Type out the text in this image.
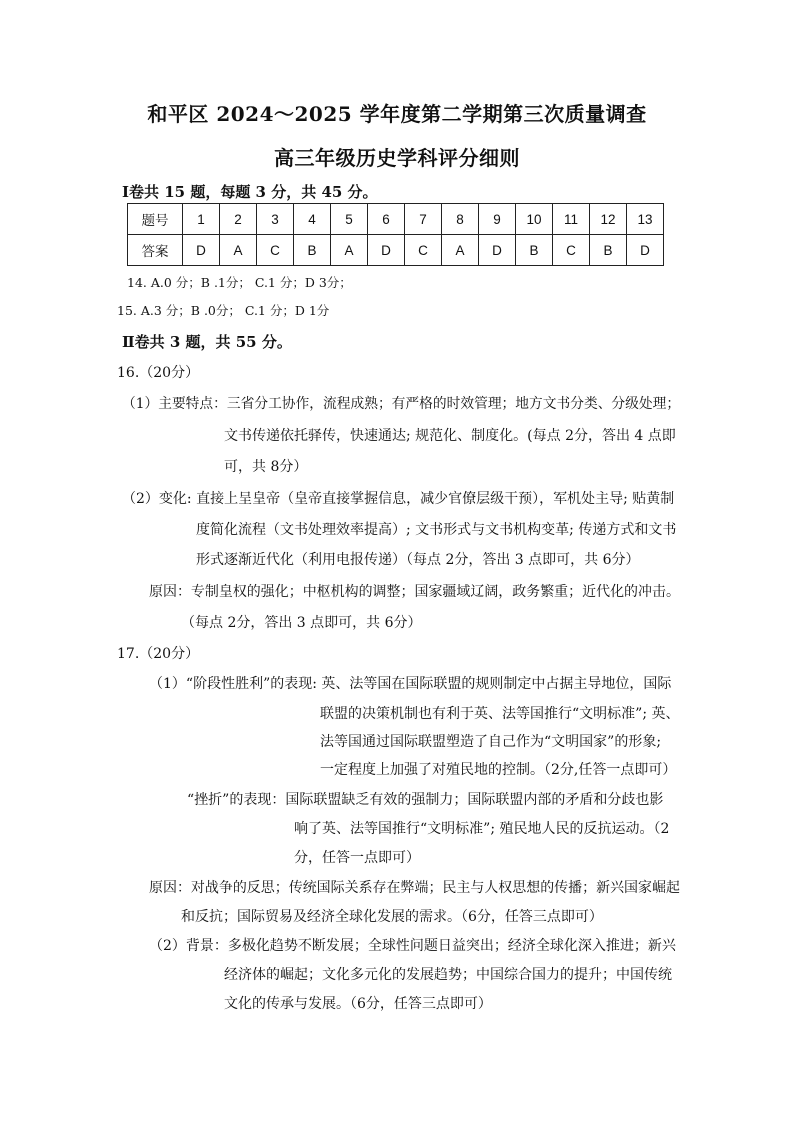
和平区 2024～2025 学年度第二学期第三次质量调查
高三年级历史学科评分细则
Ⅰ卷共 15 题，每题 3 分，共 45 分。
题号	1	2	3	4	5	6	7	8	9	10	11	12	13
答案	D	A	C	B	A	D	C	A	D	B	C	B	D
14. A.0 分；B .1分； C.1 分；D 3分；
15. A.3 分；B .0分； C.1 分；D 1分
Ⅱ卷共 3 题，共 55 分。
16.（20分）
（1）主要特点：三省分工协作，流程成熟；有严格的时效管理；地方文书分类、分级处理；
文书传递依托驿传，快速通达; 规范化、制度化。(每点 2分，答出 4 点即
可，共 8分）
（2）变化: 直接上呈皇帝（皇帝直接掌握信息，减少官僚层级干预），军机处主导; 贴黄制
度简化流程（文书处理效率提高）; 文书形式与文书机构变革; 传递方式和文书
形式逐渐近代化（利用电报传递）（每点 2分，答出 3 点即可，共 6分）
原因：专制皇权的强化；中枢机构的调整；国家疆域辽阔，政务繁重；近代化的冲击。
（每点 2分，答出 3 点即可，共 6分）
17.（20分）
（1）“阶段性胜利”的表现: 英、法等国在国际联盟的规则制定中占据主导地位，国际
联盟的决策机制也有利于英、法等国推行“文明标准”; 英、
法等国通过国际联盟塑造了自己作为“文明国家”的形象;
一定程度上加强了对殖民地的控制。（2分,任答一点即可）
“挫折”的表现：国际联盟缺乏有效的强制力；国际联盟内部的矛盾和分歧也影
响了英、法等国推行“文明标准”; 殖民地人民的反抗运动。（2
分，任答一点即可）
原因：对战争的反思；传统国际关系存在弊端；民主与人权思想的传播；新兴国家崛起
和反抗；国际贸易及经济全球化发展的需求。（6分，任答三点即可）
（2）背景：多极化趋势不断发展；全球性问题日益突出；经济全球化深入推进；新兴
经济体的崛起；文化多元化的发展趋势；中国综合国力的提升；中国传统
文化的传承与发展。（6分，任答三点即可）
